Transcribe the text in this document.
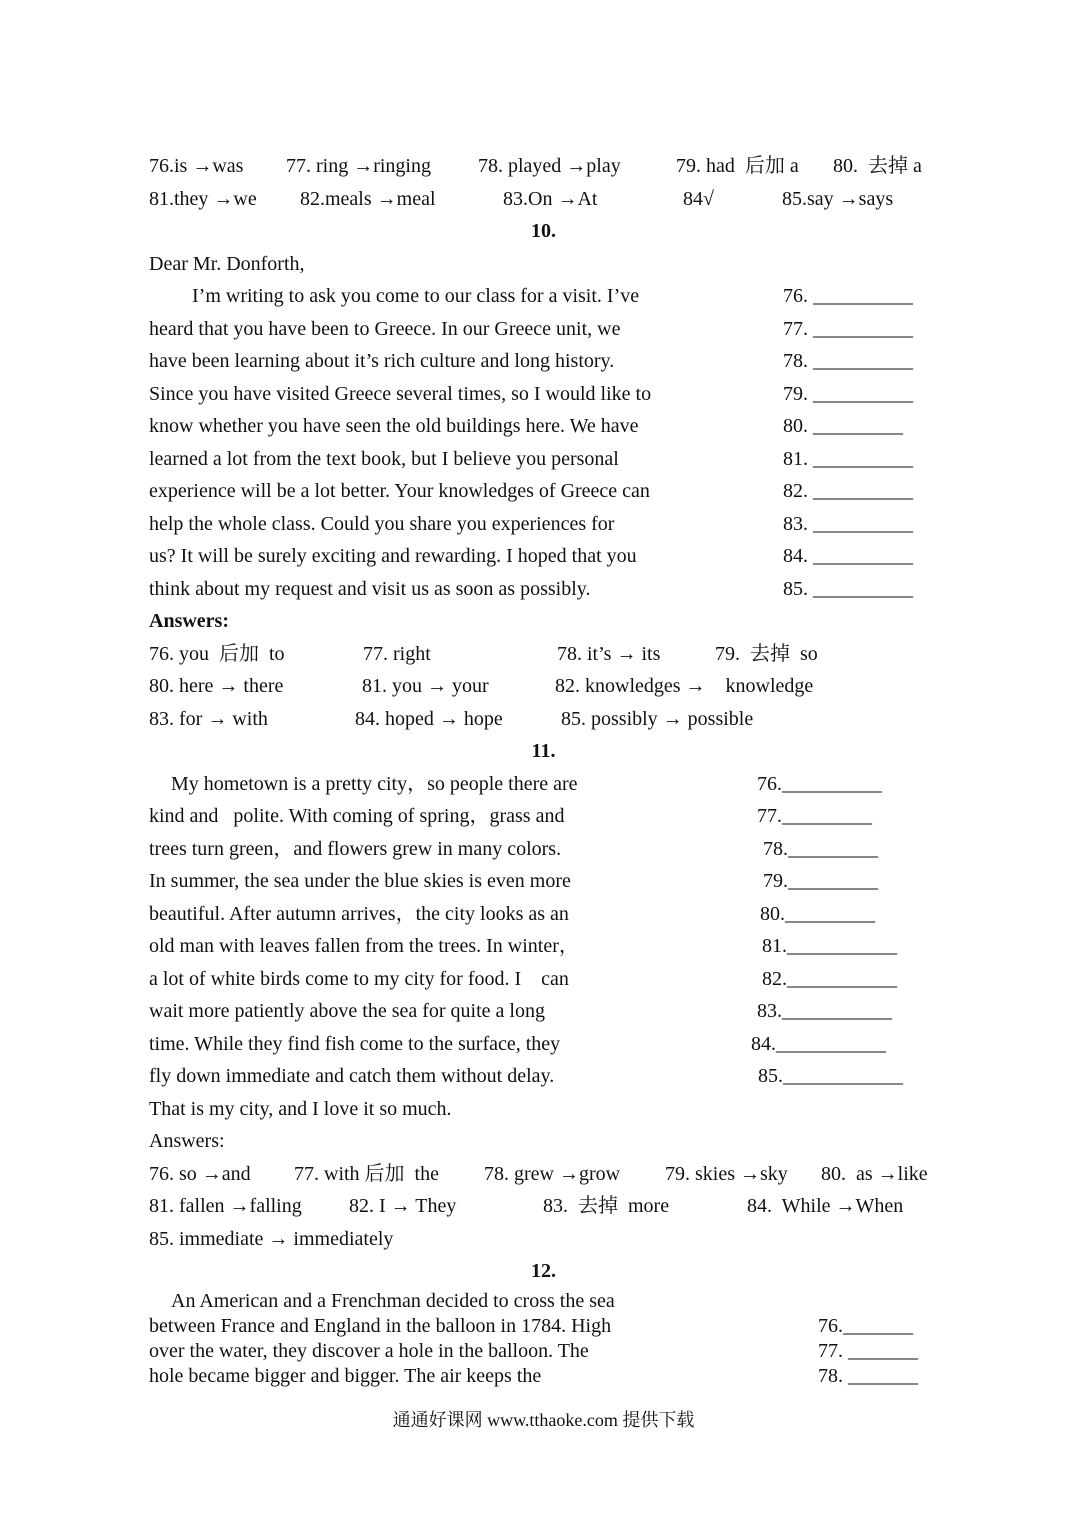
76.is →was 77. ring →ringing 78. played →play	79. had  后加 a 80.  去掉 a
81.they →we 82.meals →meal	83.On →At	84√	85.say →says
10.
Dear Mr. Donforth,
I’m writing to ask you come to our class for a visit. I’ve
heard that you have been to Greece. In our Greece unit, we
have been learning about it’s rich culture and long history.
Since you have visited Greece several times, so I would like to
know whether you have seen the old buildings here. We have
learned a lot from the text book, but I believe you personal
experience will be a lot better. Your knowledges of Greece can
help the whole class. Could you share you experiences for
us? It will be surely exciting and rewarding. I hoped that you
think about my request and visit us as soon as possibly.
76. __________
77. __________
78. __________
79. __________
80. _________
81. __________
82. __________
83. __________
84. __________
85. __________
Answers:
76. you  后加  to	77. right	78. it’s → its	79.  去掉  so
80. here → there	81. you → your	82. knowledges →    knowledge
83. for → with	84. hoped → hope	85. possibly → possible
11.
My hometown is a pretty city，so people there are
kind and   polite. With coming of spring，grass and
trees turn green，and flowers grew in many colors.
In summer, the sea under the blue skies is even more
beautiful. After autumn arrives，the city looks as an
old man with leaves fallen from the trees. In winter，
a lot of white birds come to my city for food. I    can
wait more patiently above the sea for quite a long
time. While they find fish come to the surface, they
fly down immediate and catch them without delay.
That is my city, and I love it so much.
76.__________
77._________
78._________
79._________
80._________
81.___________
82.___________
83.___________
84.___________
85.____________
Answers:
76. so →and 77. with 后加  the 78. grew →grow 79. skies →sky 80.  as →like
81. fallen →falling 82. I → They	83.  去掉  more	84.  While →When
85. immediate → immediately
12.
An American and a Frenchman decided to cross the sea
between France and England in the balloon in 1784. High
over the water, they discover a hole in the balloon. The
hole became bigger and bigger. The air keeps the
76._______
77. _______
78. _______
通通好课网 www.tthaoke.com 提供下载
